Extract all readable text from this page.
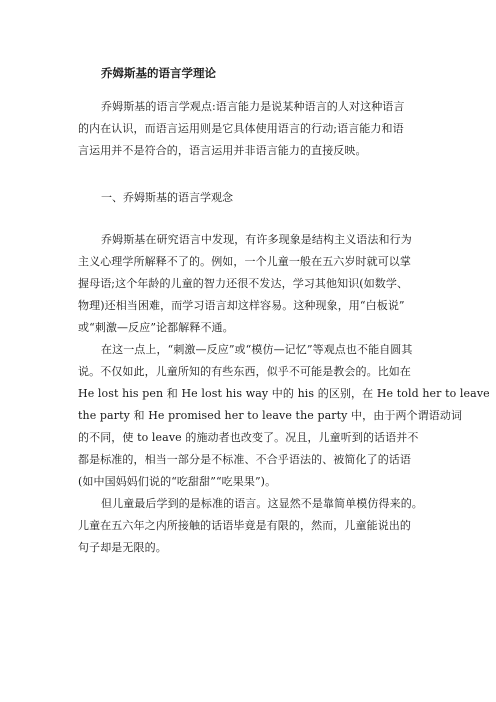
乔姆斯基的语言学理论
乔姆斯基的语言学观点:语言能力是说某种语言的人对这种语言
的内在认识，而语言运用则是它具体使用语言的行动;语言能力和语
言运用并不是符合的，语言运用并非语言能力的直接反映。
一、乔姆斯基的语言学观念
乔姆斯基在研究语言中发现，有许多现象是结构主义语法和行为
主义心理学所解释不了的。例如，一个儿童一般在五六岁时就可以掌
握母语;这个年龄的儿童的智力还很不发达，学习其他知识(如数学、
物理)还相当困难，而学习语言却这样容易。这种现象，用“白板说”
或“刺激—反应”论都解释不通。
在这一点上，“刺激—反应”或“模仿—记忆”等观点也不能自圆其
说。不仅如此，儿童所知的有些东西，似乎不可能是教会的。比如在
He lost his pen 和 He lost his way 中的 his 的区别，在 He told her to leave
the party 和 He promised her to leave the party 中，由于两个谓语动词
的不同，使 to leave 的施动者也改变了。况且，儿童听到的话语并不
都是标准的，相当一部分是不标准、不合乎语法的、被简化了的话语
(如中国妈妈们说的“吃甜甜”“吃果果”)。
但儿童最后学到的是标准的语言。这显然不是靠简单模仿得来的。
儿童在五六年之内所接触的话语毕竟是有限的，然而，儿童能说出的
句子却是无限的。
